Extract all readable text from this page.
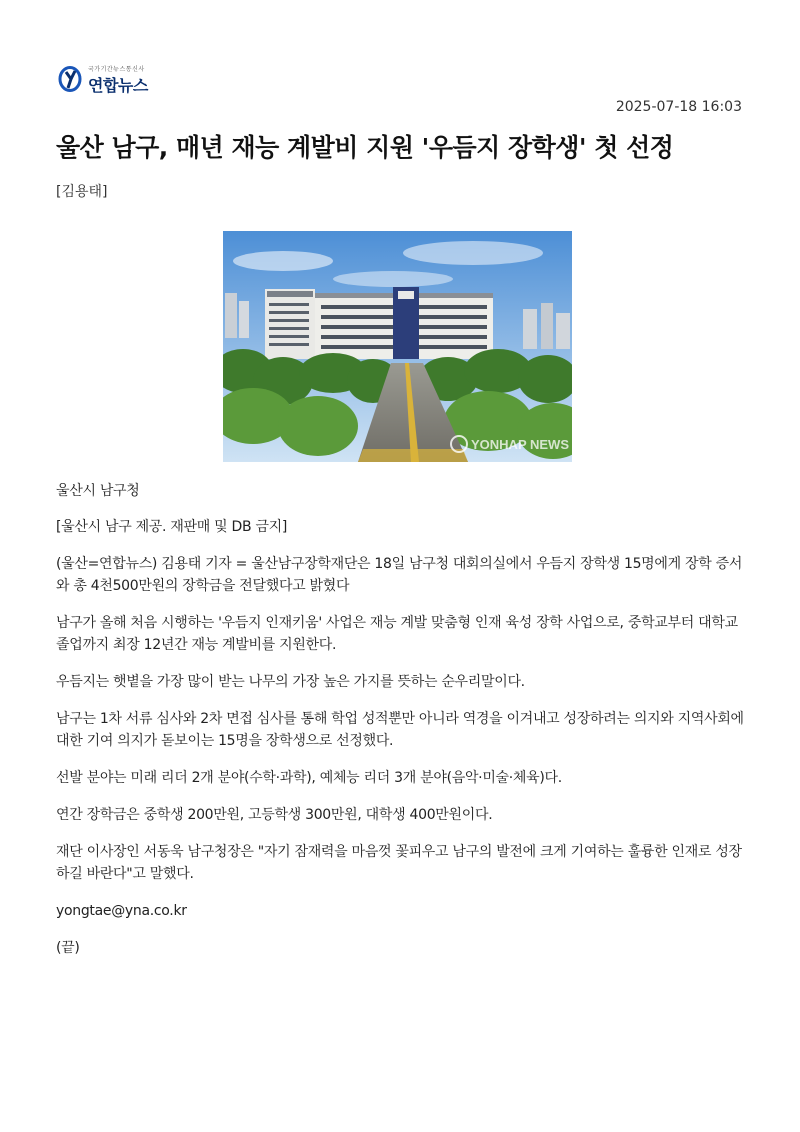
국가기간뉴스통신사
연합뉴스
2025-07-18 16:03
울산 남구, 매년 재능 계발비 지원 '우듬지 장학생' 첫 선정
[김용태]
YONHAP NEWS

울산시 남구청

[울산시 남구 제공. 재판매 및 DB 금지]

(울산=연합뉴스) 김용태 기자 = 울산남구장학재단은 18일 남구청 대회의실에서 우듬지 장학생 15명에게 장학 증서와 총 4천500만원의 장학금을 전달했다고 밝혔다

남구가 올해 처음 시행하는 '우듬지 인재키움' 사업은 재능 계발 맞춤형 인재 육성 장학 사업으로, 중학교부터 대학교 졸업까지 최장 12년간 재능 계발비를 지원한다.

우듬지는 햇볕을 가장 많이 받는 나무의 가장 높은 가지를 뜻하는 순우리말이다.

남구는 1차 서류 심사와 2차 면접 심사를 통해 학업 성적뿐만 아니라 역경을 이겨내고 성장하려는 의지와 지역사회에 대한 기여 의지가 돋보이는 15명을 장학생으로 선정했다.

선발 분야는 미래 리더 2개 분야(수학·과학), 예체능 리더 3개 분야(음악·미술·체육)다.

연간 장학금은 중학생 200만원, 고등학생 300만원, 대학생 400만원이다.

재단 이사장인 서동욱 남구청장은 "자기 잠재력을 마음껏 꽃피우고 남구의 발전에 크게 기여하는 훌륭한 인재로 성장하길 바란다"고 말했다.

yongtae@yna.co.kr

(끝)
